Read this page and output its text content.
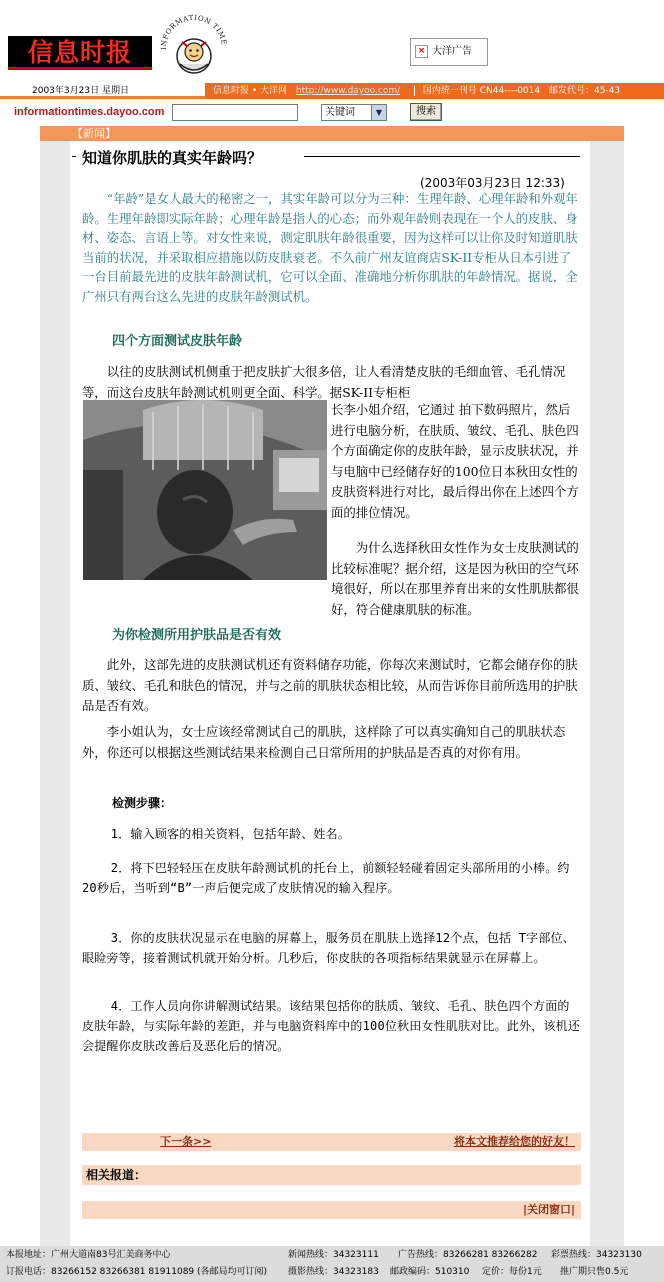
信息时报	INFORMATION TIME
× 大洋广告
2003年3月23日 星期日	信息时报 • 大洋网 http://www.dayoo.com/	国内统一刊号 CN44----0014 邮发代号：45-43
informationtimes.dayoo.com	关键词	▼	搜索
【新闻】
知道你肌肤的真实年龄吗？
(2003年03月23日 12:33)
“年龄”是女人最大的秘密之一，其实年龄可以分为三种：生理年龄、心理年龄和外观年龄。生理年龄即实际年龄；心理年龄是指人的心态；而外观年龄则表现在一个人的皮肤、身材、姿态、言语上等。对女性来说，测定肌肤年龄很重要，因为这样可以让你及时知道肌肤当前的状况，并采取相应措施以防皮肤衰老。不久前广州友谊商店SK-II专柜从日本引进了一台目前最先进的皮肤年龄测试机，它可以全面、准确地分析你肌肤的年龄情况。据说，全广州只有两台这么先进的皮肤年龄测试机。
四个方面测试皮肤年龄
以往的皮肤测试机侧重于把皮肤扩大很多倍，让人看清楚皮肤的毛细血管、毛孔情况等，而这台皮肤年龄测试机则更全面、科学。据SK-II专柜柜
长李小姐介绍，它通过 拍下数码照片，然后进行电脑分析，在肤质、皱纹、毛孔、肤色四个方面确定你的皮肤年龄，显示皮肤状况，并与电脑中已经储存好的100位日本秋田女性的皮肤资料进行对比，最后得出你在上述四个方面的排位情况。
为什么选择秋田女性作为女士皮肤测试的比较标准呢？据介绍，这是因为秋田的空气环境很好，所以在那里养育出来的女性肌肤都很好，符合健康肌肤的标准。
为你检测所用护肤品是否有效
此外，这部先进的皮肤测试机还有资料储存功能，你每次来测试时，它都会储存你的肤质、皱纹、毛孔和肤色的情况，并与之前的肌肤状态相比较，从而告诉你目前所选用的护肤品是否有效。
李小姐认为，女士应该经常测试自己的肌肤，这样除了可以真实确知自己的肌肤状态外，你还可以根据这些测试结果来检测自己日常所用的护肤品是否真的对你有用。
检测步骤：
1．输入顾客的相关资料，包括年龄、姓名。
2．将下巴轻轻压在皮肤年龄测试机的托台上，前额轻轻碰着固定头部所用的小棒。约20秒后，当听到“B”一声后便完成了皮肤情况的输入程序。
3．你的皮肤状况显示在电脑的屏幕上，服务员在肌肤上选择12个点，包括 T字部位、眼睑旁等，接着测试机就开始分析。几秒后，你皮肤的各项指标结果就显示在屏幕上。
4．工作人员向你讲解测试结果。该结果包括你的肤质、皱纹、毛孔、肤色四个方面的皮肤年龄，与实际年龄的差距，并与电脑资料库中的100位秋田女性肌肤对比。此外，该机还会提醒你皮肤改善后及恶化后的情况。
下一条>>	将本文推荐给您的好友！
相关报道：
|关闭窗口|
本报地址：广州大道南83号汇美商务中心	新闻热线：34323111 广告热线：83266281 83266282 彩票热线：34323130
订报电话：83266152 83266381 81911089 (各邮局均可订阅) 摄影热线：34323183 邮政编码：510310 定价：每份1元 推广期只售0.5元
